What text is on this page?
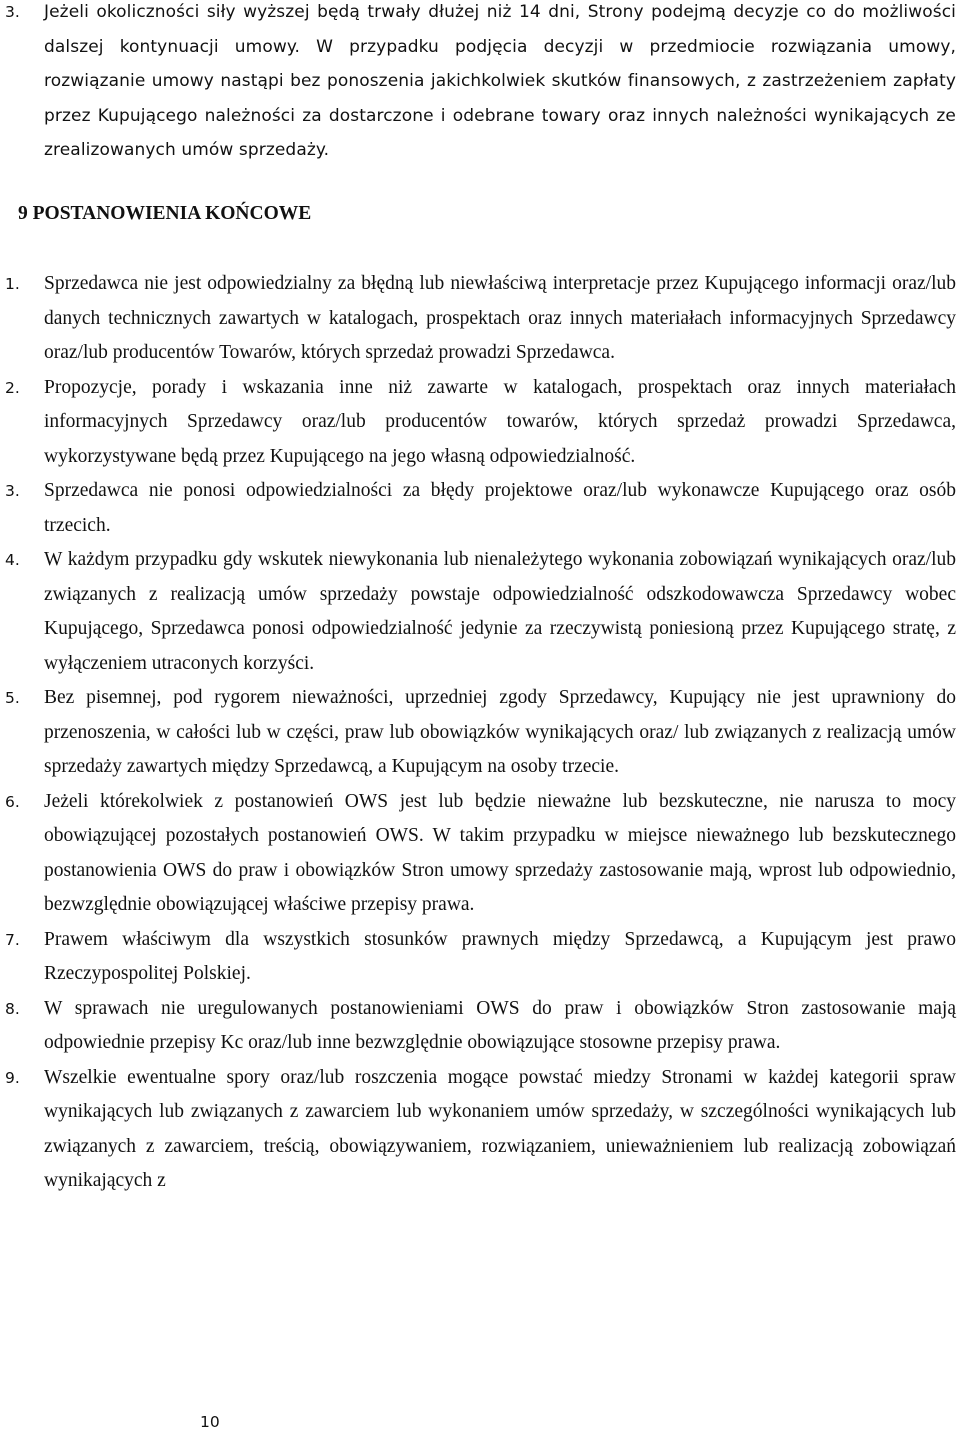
3. Jeżeli okoliczności siły wyższej będą trwały dłużej niż 14 dni, Strony podejmą decyzje co do możliwości dalszej kontynuacji umowy. W przypadku podjęcia decyzji w przedmiocie rozwiązania umowy, rozwiązanie umowy nastąpi bez ponoszenia jakichkolwiek skutków finansowych, z zastrzeżeniem zapłaty przez Kupującego należności za dostarczone i odebrane towary oraz innych należności wynikających ze zrealizowanych umów sprzedaży.
9 POSTANOWIENIA KOŃCOWE
1. Sprzedawca nie jest odpowiedzialny za błędną lub niewłaściwą interpretacje przez Kupującego informacji oraz/lub danych technicznych zawartych w katalogach, prospektach oraz innych materiałach informacyjnych Sprzedawcy oraz/lub producentów Towarów, których sprzedaż prowadzi Sprzedawca.
2. Propozycje, porady i wskazania inne niż zawarte w katalogach, prospektach oraz innych materiałach informacyjnych Sprzedawcy oraz/lub producentów towarów, których sprzedaż prowadzi Sprzedawca, wykorzystywane będą przez Kupującego na jego własną odpowiedzialność.
3. Sprzedawca nie ponosi odpowiedzialności za błędy projektowe oraz/lub wykonawcze Kupującego oraz osób trzecich.
4. W każdym przypadku gdy wskutek niewykonania lub nienależytego wykonania zobowiązań wynikających oraz/lub związanych z realizacją umów sprzedaży powstaje odpowiedzialność odszkodowawcza Sprzedawcy wobec Kupującego, Sprzedawca ponosi odpowiedzialność jedynie za rzeczywistą poniesioną przez Kupującego stratę, z wyłączeniem utraconych korzyści.
5. Bez pisemnej, pod rygorem nieważności, uprzedniej zgody Sprzedawcy, Kupujący nie jest uprawniony do przenoszenia, w całości lub w części, praw lub obowiązków wynikających oraz/ lub związanych z realizacją umów sprzedaży zawartych między Sprzedawcą, a Kupującym na osoby trzecie.
6. Jeżeli którekolwiek z postanowień OWS jest lub będzie nieważne lub bezskuteczne, nie narusza to mocy obowiązującej pozostałych postanowień OWS. W takim przypadku w miejsce nieważnego lub bezskutecznego postanowienia OWS do praw i obowiązków Stron umowy sprzedaży zastosowanie mają, wprost lub odpowiednio, bezwzględnie obowiązującej właściwe przepisy prawa.
7. Prawem właściwym dla wszystkich stosunków prawnych między Sprzedawcą, a Kupującym jest prawo Rzeczypospolitej Polskiej.
8. W sprawach nie uregulowanych postanowieniami OWS do praw i obowiązków Stron zastosowanie mają odpowiednie przepisy Kc oraz/lub inne bezwzględnie obowiązujące stosowne przepisy prawa.
9. Wszelkie ewentualne spory oraz/lub roszczenia mogące powstać miedzy Stronami w każdej kategorii spraw wynikających lub związanych z zawarciem lub wykonaniem umów sprzedaży, w szczególności wynikających lub związanych z zawarciem, treścią, obowiązywaniem, rozwiązaniem, unieważnieniem lub realizacją zobowiązań wynikających z
10
